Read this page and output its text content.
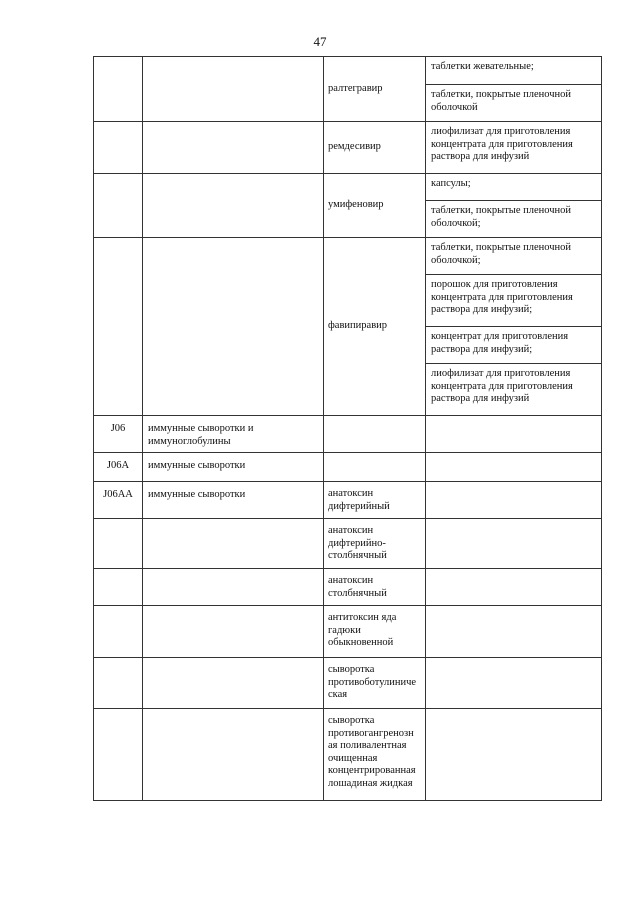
47
		ралтегравир	таблетки жевательные;
таблетки, покрытые пленочной оболочкой

		ремдесивир	лиофилизат для приготовления концентрата для приготовления раствора для инфузий

		умифеновир	капсулы;
таблетки, покрытые пленочной оболочкой;

		фавипиравир	таблетки, покрытые пленочной оболочкой;
порошок для приготовления концентрата для приготовления раствора для инфузий;
концентрат для приготовления раствора для инфузий;
лиофилизат для приготовления концентрата для приготовления раствора для инфузий

J06	иммунные сыворотки и иммуноглобулины		

J06A	иммунные сыворотки		

J06AA	иммунные сыворотки	анатоксин дифтерийный	

		анатоксин дифтерийно-столбнячный	

		анатоксин столбнячный	

		антитоксин яда гадюки обыкновенной	

		сыворотка противоботулиниче ская	

		сыворотка противогангренозн ая поливалентная очищенная концентрированная лошадиная жидкая	
